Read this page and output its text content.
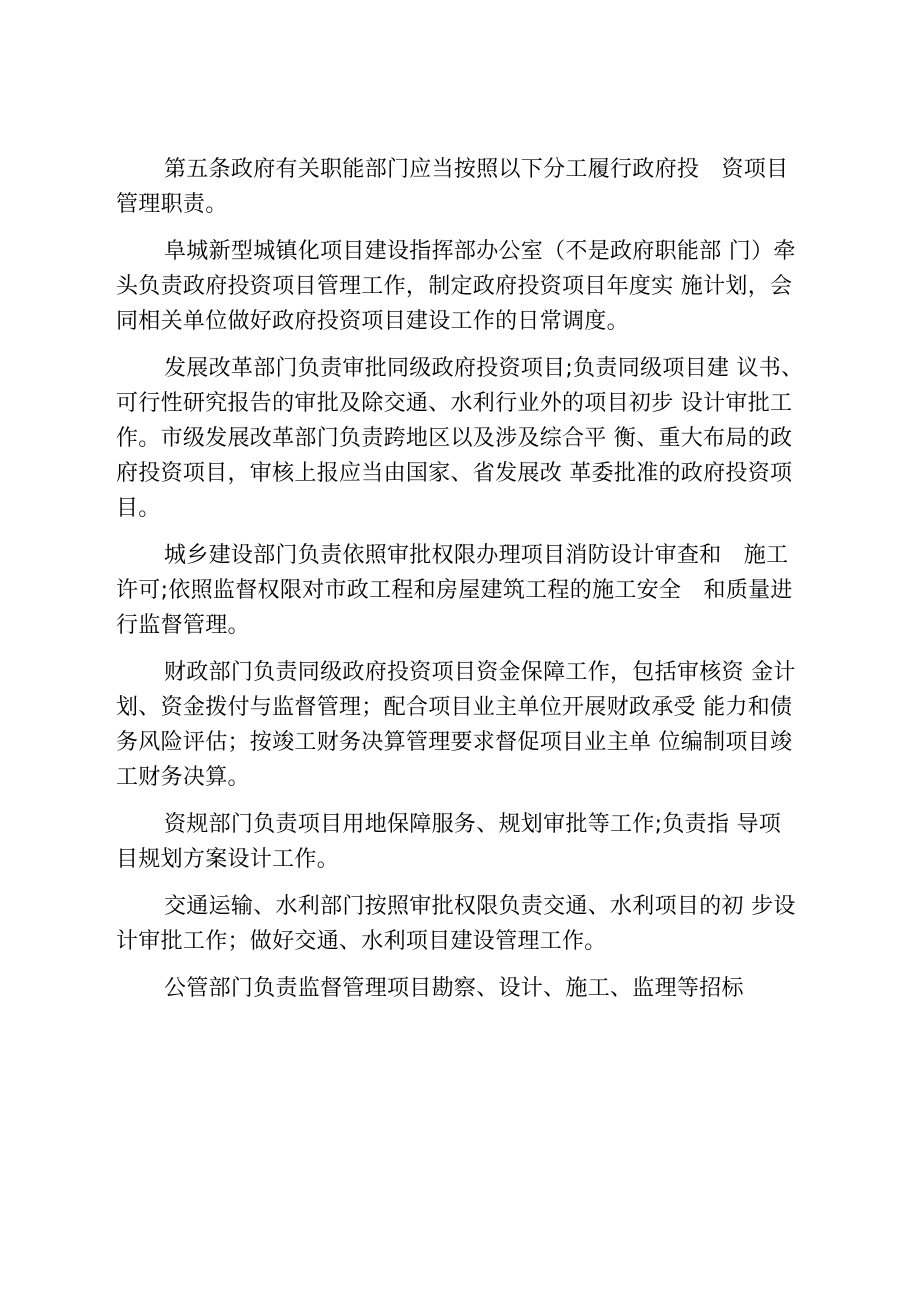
第五条政府有关职能部门应当按照以下分工履行政府投　资项目
管理职责。

阜城新型城镇化项目建设指挥部办公室（不是政府职能部 门）牵
头负责政府投资项目管理工作，制定政府投资项目年度实 施计划，会
同相关单位做好政府投资项目建设工作的日常调度。

发展改革部门负责审批同级政府投资项目;负责同级项目建 议书、
可行性研究报告的审批及除交通、水利行业外的项目初步 设计审批工
作。市级发展改革部门负责跨地区以及涉及综合平 衡、重大布局的政
府投资项目，审核上报应当由国家、省发展改 革委批准的政府投资项
目。

城乡建设部门负责依照审批权限办理项目消防设计审查和　施工
许可;依照监督权限对市政工程和房屋建筑工程的施工安全　和质量进
行监督管理。

财政部门负责同级政府投资项目资金保障工作，包括审核资 金计
划、资金拨付与监督管理；配合项目业主单位开展财政承受 能力和债
务风险评估；按竣工财务决算管理要求督促项目业主单 位编制项目竣
工财务决算。

资规部门负责项目用地保障服务、规划审批等工作;负责指 导项
目规划方案设计工作。

交通运输、水利部门按照审批权限负责交通、水利项目的初 步设
计审批工作；做好交通、水利项目建设管理工作。

公管部门负责监督管理项目勘察、设计、施工、监理等招标
